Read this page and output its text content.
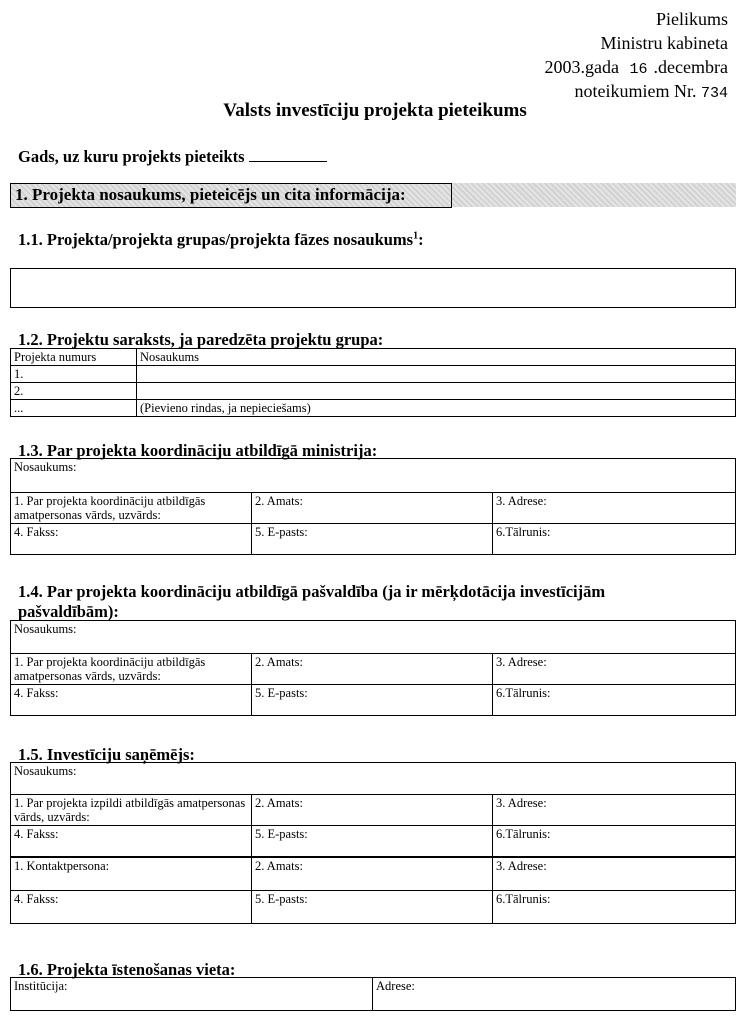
Pielikums
Ministru kabineta
2003.gada 16 .decembra
noteikumiem Nr. 734
Valsts investīciju projekta pieteikums
Gads, uz kuru projekts pieteikts
1. Projekta nosaukums, pieteicējs un cita informācija:
1.1. Projekta/projekta grupas/projekta fāzes nosaukums$^1$:
1.2. Projektu saraksts, ja paredzēta projektu grupa:
Projekta numurs	Nosaukums
1.	
2.	
...	(Pievieno rindas, ja nepieciešams)
1.3. Par projekta koordināciju atbildīgā ministrija:
Nosaukums:		
1. Par projekta koordināciju atbildīgās amatpersonas vārds, uzvārds:	2. Amats:	3. Adrese:
4. Fakss:	5. E-pasts:	6.Tālrunis:
1.4. Par projekta koordināciju atbildīgā pašvaldība (ja ir mērķdotācija investīcijām
pašvaldībām):
Nosaukums:		
1. Par projekta koordināciju atbildīgās amatpersonas vārds, uzvārds:	2. Amats:	3. Adrese:
4. Fakss:	5. E-pasts:	6.Tālrunis:
1.5. Investīciju saņēmējs:
Nosaukums:		
1. Par projekta izpildi atbildīgās amatpersonas vārds, uzvārds:	2. Amats:	3. Adrese:
4. Fakss:	5. E-pasts:	6.Tālrunis:
1. Kontaktpersona:	2. Amats:	3. Adrese:
4. Fakss:	5. E-pasts:	6.Tālrunis:
1.6. Projekta īstenošanas vieta:
Institūcija:	Adrese:
